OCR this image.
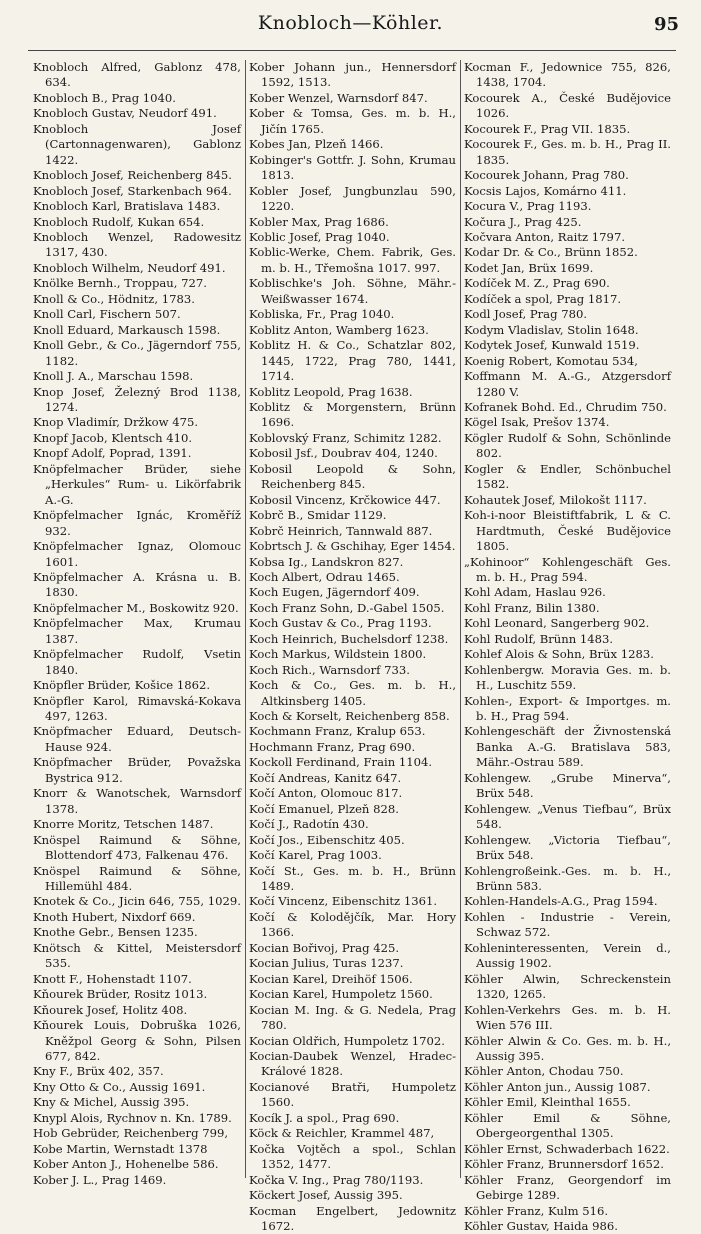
Knobloch—Köhler.	95
Knobloch Alfred, Gablonz 478, 634.
Knobloch B., Prag 1040.
Knobloch Gustav, Neudorf 491.
Knobloch Josef (Cartonnagenwaren), Gablonz 1422.
Knobloch Josef, Reichenberg 845.
Knobloch Josef, Starkenbach 964.
Knobloch Karl, Bratislava 1483.
Knobloch Rudolf, Kukan 654.
Knobloch Wenzel, Radowesitz 1317, 430.
Knobloch Wilhelm, Neudorf 491.
Knölke Bernh., Troppau, 727.
Knoll & Co., Hödnitz, 1783.
Knoll Carl, Fischern 507.
Knoll Eduard, Markausch 1598.
Knoll Gebr., & Co., Jägerndorf 755, 1182.
Knoll J. A., Marschau 1598.
Knop Josef, Železný Brod 1138, 1274.
Knop Vladimír, Držkow 475.
Knopf Jacob, Klentsch 410.
Knopf Adolf, Poprad, 1391.
Knöpfelmacher Brüder, siehe „Herkules“ Rum- u. Likörfabrik A.-G.
Knöpfelmacher Ignác, Kroměříž 932.
Knöpfelmacher Ignaz, Olomouc 1601.
Knöpfelmacher A. Krásna u. B. 1830.
Knöpfelmacher M., Boskowitz 920.
Knöpfelmacher Max, Krumau 1387.
Knöpfelmacher Rudolf, Vsetin 1840.
Knöpfler Brüder, Košice 1862.
Knöpfler Karol, Rimavská-Kokava 497, 1263.
Knöpfmacher Eduard, Deutsch-Hause 924.
Knöpfmacher Brüder, Považska Bystrica 912.
Knorr & Wanotschek, Warnsdorf 1378.
Knorre Moritz, Tetschen 1487.
Knöspel Raimund & Söhne, Blottendorf 473, Falkenau 476.
Knöspel Raimund & Söhne, Hillemühl 484.
Knotek & Co., Jicin 646, 755, 1029.
Knoth Hubert, Nixdorf 669.
Knothe Gebr., Bensen 1235.
Knötsch & Kittel, Meistersdorf 535.
Knott F., Hohenstadt 1107.
Kňourek Brüder, Rositz 1013.
Kňourek Josef, Holitz 408.
Kňourek Louis, Dobruška 1026, Kněžpol Georg & Sohn, Pilsen 677, 842.
Kny F., Brüx 402, 357.
Kny Otto & Co., Aussig 1691.
Kny & Michel, Aussig 395.
Knypl Alois, Rychnov n. Kn. 1789.
Hob Gebrüder, Reichenberg 799,
Kobe Martin, Wernstadt 1378
Kober Anton J., Hohenelbe 586.
Kober J. L., Prag 1469.
Kober Johann jun., Hennersdorf 1592, 1513.
Kober Wenzel, Warnsdorf 847.
Kober & Tomsa, Ges. m. b. H., Jičín 1765.
Kobes Jan, Plzeň 1466.
Kobinger's Gottfr. J. Sohn, Krumau 1813.
Kobler Josef, Jungbunzlau 590, 1220.
Kobler Max, Prag 1686.
Koblic Josef, Prag 1040.
Koblic-Werke, Chem. Fabrik, Ges. m. b. H., Třemošna 1017. 997.
Koblischke's Joh. Söhne, Mähr.-Weißwasser 1674.
Kobliska, Fr., Prag 1040.
Koblitz Anton, Wamberg 1623.
Koblitz H. & Co., Schatzlar 802, 1445, 1722, Prag 780, 1441, 1714.
Koblitz Leopold, Prag 1638.
Koblitz & Morgenstern, Brünn 1696.
Koblovský Franz, Schimitz 1282.
Kobosil Jsf., Doubrav 404, 1240.
Kobosil Leopold & Sohn, Reichenberg 845.
Kobosil Vincenz, Krčkowice 447.
Kobrč B., Smidar 1129.
Kobrč Heinrich, Tannwald 887.
Kobrtsch J. & Gschihay, Eger 1454.
Kobsa Ig., Landskron 827.
Koch Albert, Odrau 1465.
Koch Eugen, Jägerndorf 409.
Koch Franz Sohn, D.-Gabel 1505.
Koch Gustav & Co., Prag 1193.
Koch Heinrich, Buchelsdorf 1238.
Koch Markus, Wildstein 1800.
Koch Rich., Warnsdorf 733.
Koch & Co., Ges. m. b. H., Altkinsberg 1405.
Koch & Korselt, Reichenberg 858.
Kochmann Franz, Kralup 653.
Hochmann Franz, Prag 690.
Kockoll Ferdinand, Frain 1104.
Kočí Andreas, Kanitz 647.
Kočí Anton, Olomouc 817.
Kočí Emanuel, Plzeň 828.
Kočí J., Radotín 430.
Kočí Jos., Eibenschitz 405.
Kočí Karel, Prag 1003.
Kočí St., Ges. m. b. H., Brünn 1489.
Kočí Vincenz, Eibenschitz 1361.
Kočí & Kolodějčík, Mar. Hory 1366.
Kocian Bořivoj, Prag 425.
Kocian Julius, Turas 1237.
Kocian Karel, Dreihöf 1506.
Kocian Karel, Humpoletz 1560.
Kocian M. Ing. & G. Nedela, Prag 780.
Kocian Oldřich, Humpoletz 1702.
Kocian-Daubek Wenzel, Hradec-Králové 1828.
Kocianové Bratři, Humpoletz 1560.
Kocík J. a spol., Prag 690.
Köck & Reichler, Krammel 487,
Kočka Vojtěch a spol., Schlan 1352, 1477.
Kočka V. Ing., Prag 780/1193.
Köckert Josef, Aussig 395.
Kocman Engelbert, Jedownitz 1672.
Kocman F., Jedownice 755, 826, 1438, 1704.
Kocourek A., České Budějovice 1026.
Kocourek F., Prag VII. 1835.
Kocourek F., Ges. m. b. H., Prag II. 1835.
Kocourek Johann, Prag 780.
Kocsis Lajos, Komárno 411.
Kocura V., Prag 1193.
Kočura J., Prag 425.
Kočvara Anton, Raitz 1797.
Kodar Dr. & Co., Brünn 1852.
Kodet Jan, Brüx 1699.
Kodíček M. Z., Prag 690.
Kodíček a spol, Prag 1817.
Kodl Josef, Prag 780.
Kodym Vladislav, Stolin 1648.
Kodytek Josef, Kunwald 1519.
Koenig Robert, Komotau 534,
Koffmann M. A.-G., Atzgersdorf 1280 V.
Kofranek Bohd. Ed., Chrudim 750.
Kögel Isak, Prešov 1374.
Kögler Rudolf & Sohn, Schönlinde 802.
Kogler & Endler, Schönbuchel 1582.
Kohautek Josef, Milokošt 1117.
Koh-i-noor Bleistiftfabrik, L & C. Hardtmuth, České Budějovice 1805.
„Kohinoor“ Kohlengeschäft Ges. m. b. H., Prag 594.
Kohl Adam, Haslau 926.
Kohl Franz, Bilin 1380.
Kohl Leonard, Sangerberg 902.
Kohl Rudolf, Brünn 1483.
Kohlef Alois & Sohn, Brüx 1283.
Kohlenbergw. Moravia Ges. m. b. H., Luschitz 559.
Kohlen-, Export- & Importges. m. b. H., Prag 594.
Kohlengeschäft der Živnostenská Banka A.-G. Bratislava 583, Mähr.-Ostrau 589.
Kohlengew. „Grube Minerva“, Brüx 548.
Kohlengew. „Venus Tiefbau“, Brüx 548.
Kohlengew. „Victoria Tiefbau“, Brüx 548.
Kohlengroßeink.-Ges. m. b. H., Brünn 583.
Kohlen-Handels-A.G., Prag 1594.
Kohlen - Industrie - Verein, Schwaz 572.
Kohleninteressenten, Verein d., Aussig 1902.
Köhler Alwin, Schreckenstein 1320, 1265.
Kohlen-Verkehrs Ges. m. b. H. Wien 576 III.
Köhler Alwin & Co. Ges. m. b. H., Aussig 395.
Köhler Anton, Chodau 750.
Köhler Anton jun., Aussig 1087.
Köhler Emil, Kleinthal 1655.
Köhler Emil & Söhne, Obergeorgenthal 1305.
Köhler Ernst, Schwaderbach 1622.
Köhler Franz, Brunnersdorf 1652.
Köhler Franz, Georgendorf im Gebirge 1289.
Köhler Franz, Kulm 516.
Köhler Gustav, Haida 986.
